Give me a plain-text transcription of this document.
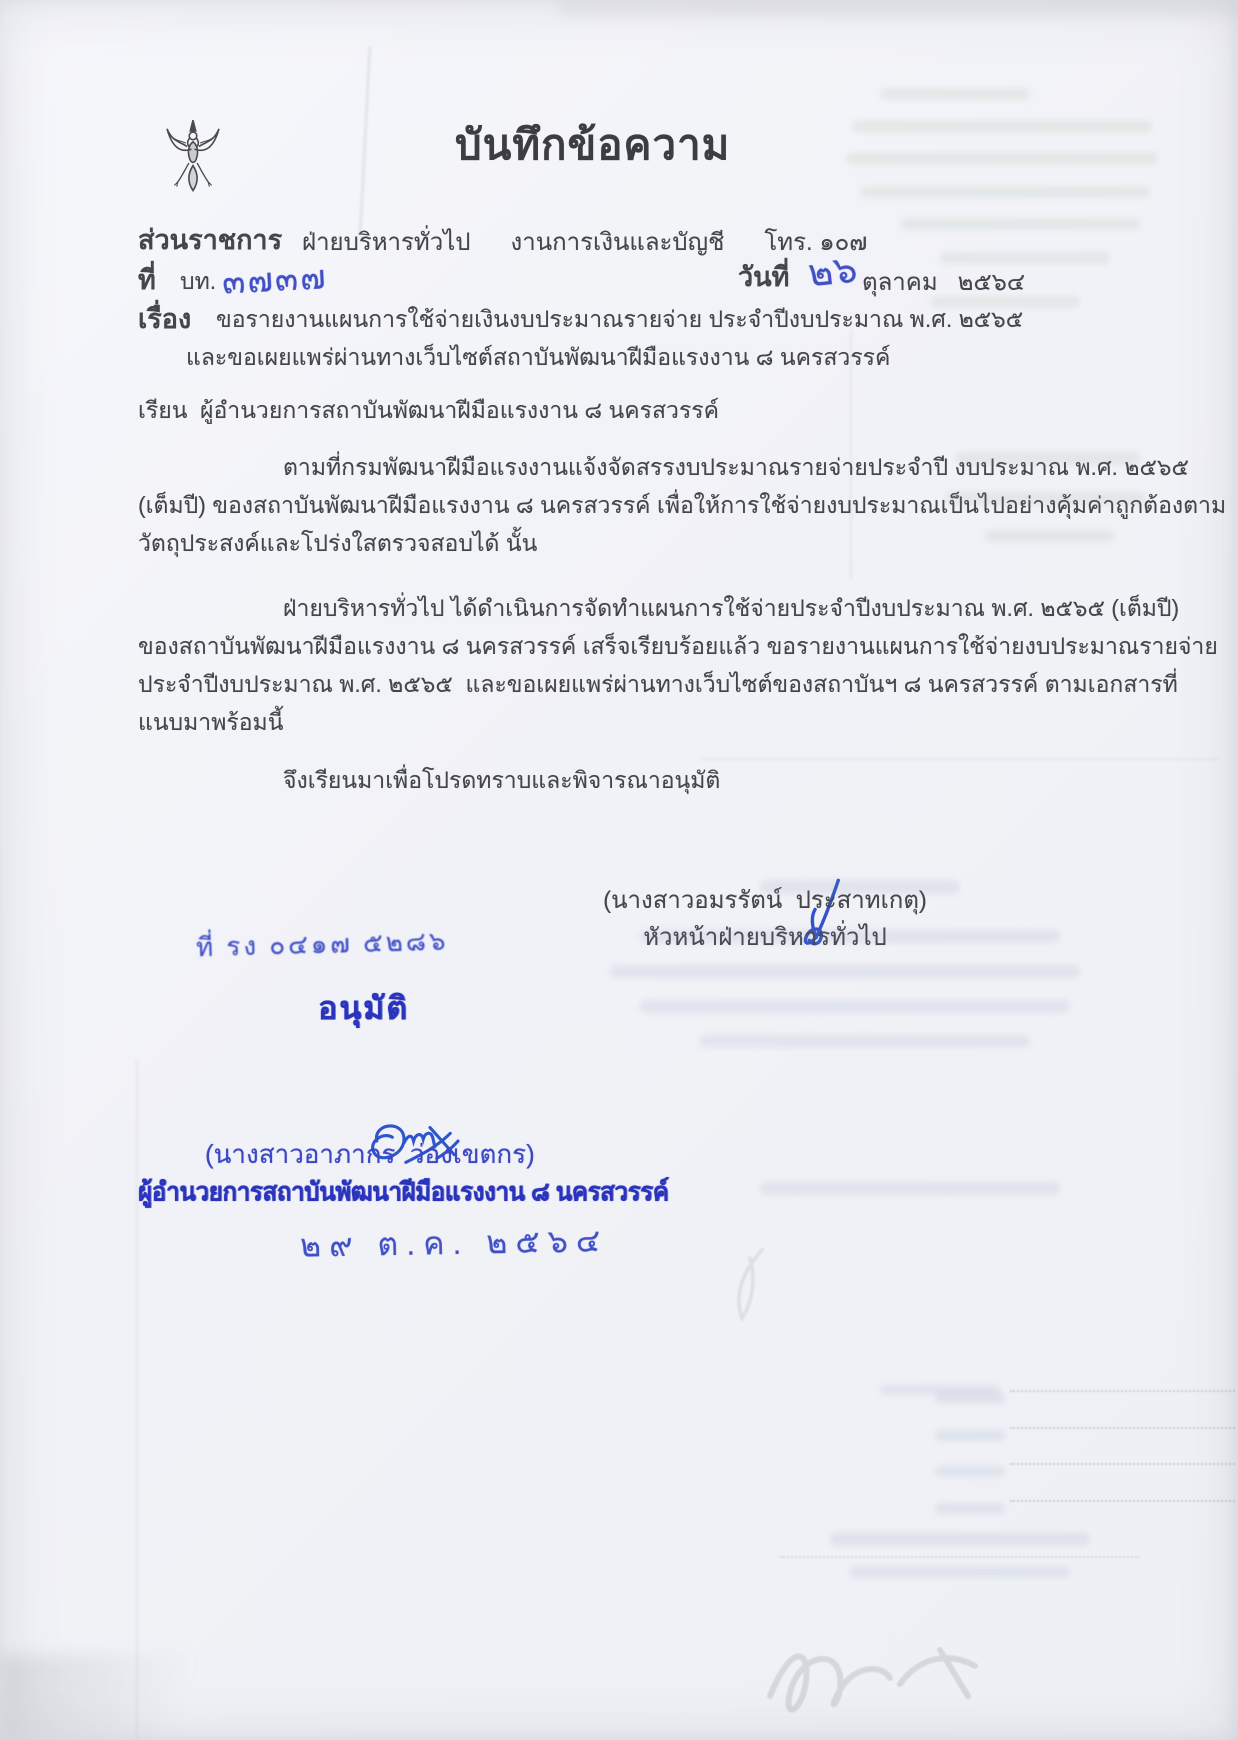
บันทึกข้อความ
ส่วนราชการ ฝ่ายบริหารทั่วไป      งานการเงินและบัญชี      โทร. ๑๐๗
ที่ บท. ๓๗๓๗	วันที่ ๒๖ ตุลาคม   ๒๕๖๔
เรื่อง ขอรายงานแผนการใช้จ่ายเงินงบประมาณรายจ่าย ประจำปีงบประมาณ พ.ศ. ๒๕๖๕
และขอเผยแพร่ผ่านทางเว็บไซต์สถาบันพัฒนาฝีมือแรงงาน ๘ นครสวรรค์
เรียน ผู้อำนวยการสถาบันพัฒนาฝีมือแรงงาน ๘ นครสวรรค์
ตามที่กรมพัฒนาฝีมือแรงงานแจ้งจัดสรรงบประมาณรายจ่ายประจำปี งบประมาณ พ.ศ. ๒๕๖๕
(เต็มปี) ของสถาบันพัฒนาฝีมือแรงงาน ๘ นครสวรรค์ เพื่อให้การใช้จ่ายงบประมาณเป็นไปอย่างคุ้มค่าถูกต้องตาม
วัตถุประสงค์และโปร่งใสตรวจสอบได้ นั้น
ฝ่ายบริหารทั่วไป ได้ดำเนินการจัดทำแผนการใช้จ่ายประจำปีงบประมาณ พ.ศ. ๒๕๖๕ (เต็มปี)
ของสถาบันพัฒนาฝีมือแรงงาน ๘ นครสวรรค์ เสร็จเรียบร้อยแล้ว ขอรายงานแผนการใช้จ่ายงบประมาณรายจ่าย
ประจำปีงบประมาณ พ.ศ. ๒๕๖๕  และขอเผยแพร่ผ่านทางเว็บไซต์ของสถาบันฯ ๘ นครสวรรค์ ตามเอกสารที่
แนบมาพร้อมนี้
จึงเรียนมาเพื่อโปรดทราบและพิจารณาอนุมัติ

(นางสาวอมรรัตน์  ประสาทเกตุ)
หัวหน้าฝ่ายบริหารทั่วไป
ที่ รง ๐๔๑๗ ๕๒๘๖
อนุมัติ

(นางสาวอาภากร  ว่องเขตกร)
ผู้อำนวยการสถาบันพัฒนาฝีมือแรงงาน ๘ นครสวรรค์
๒๙ ต.ค. ๒๕๖๔
